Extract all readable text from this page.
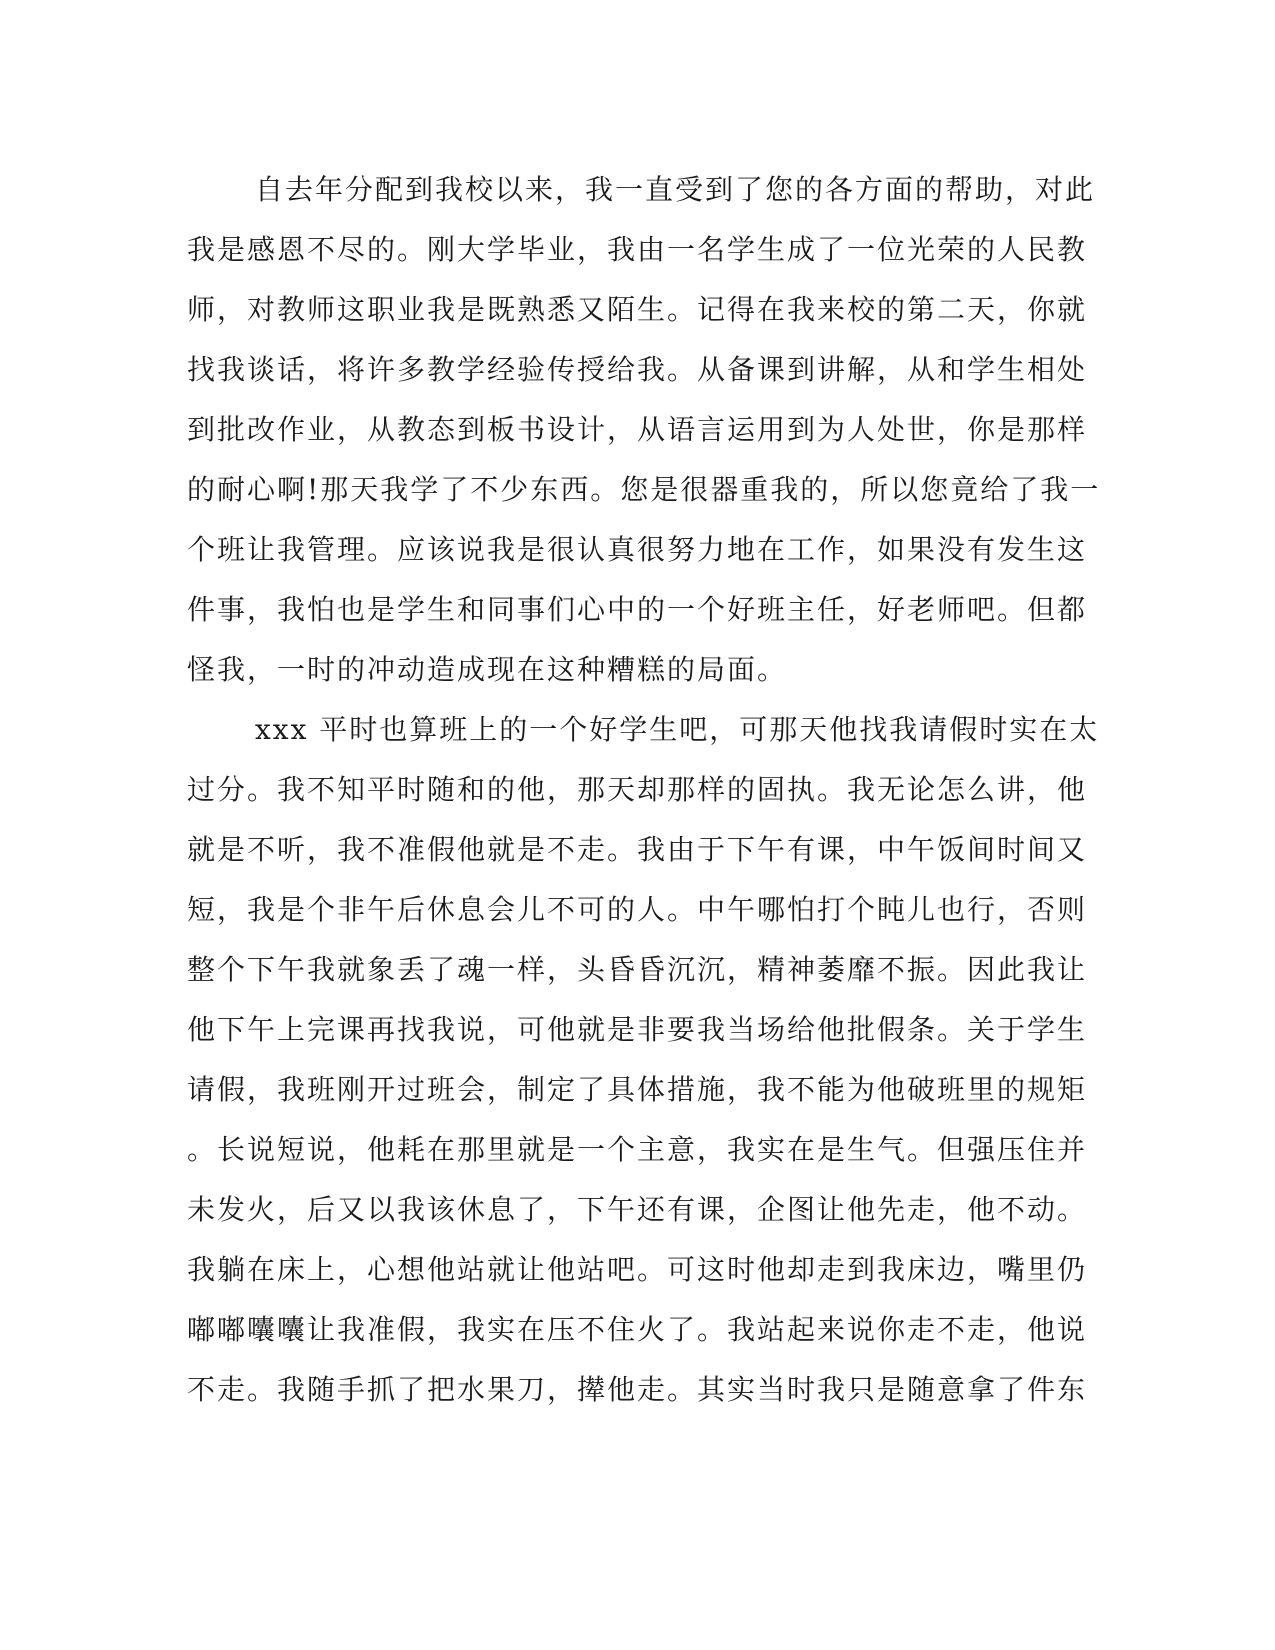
自去年分配到我校以来，我一直受到了您的各方面的帮助，对此
我是感恩不尽的。刚大学毕业，我由一名学生成了一位光荣的人民教
师，对教师这职业我是既熟悉又陌生。记得在我来校的第二天，你就
找我谈话，将许多教学经验传授给我。从备课到讲解，从和学生相处
到批改作业，从教态到板书设计，从语言运用到为人处世，你是那样
的耐心啊!那天我学了不少东西。您是很器重我的，所以您竟给了我一
个班让我管理。应该说我是很认真很努力地在工作，如果没有发生这
件事，我怕也是学生和同事们心中的一个好班主任，好老师吧。但都
怪我，一时的冲动造成现在这种糟糕的局面。
xxx 平时也算班上的一个好学生吧，可那天他找我请假时实在太
过分。我不知平时随和的他，那天却那样的固执。我无论怎么讲，他
就是不听，我不准假他就是不走。我由于下午有课，中午饭间时间又
短，我是个非午后休息会儿不可的人。中午哪怕打个盹儿也行，否则
整个下午我就象丢了魂一样，头昏昏沉沉，精神萎靡不振。因此我让
他下午上完课再找我说，可他就是非要我当场给他批假条。关于学生
请假，我班刚开过班会，制定了具体措施，我不能为他破班里的规矩
。长说短说，他耗在那里就是一个主意，我实在是生气。但强压住并
未发火，后又以我该休息了，下午还有课，企图让他先走，他不动。
我躺在床上，心想他站就让他站吧。可这时他却走到我床边，嘴里仍
嘟嘟囔囔让我准假，我实在压不住火了。我站起来说你走不走，他说
不走。我随手抓了把水果刀，撵他走。其实当时我只是随意拿了件东
